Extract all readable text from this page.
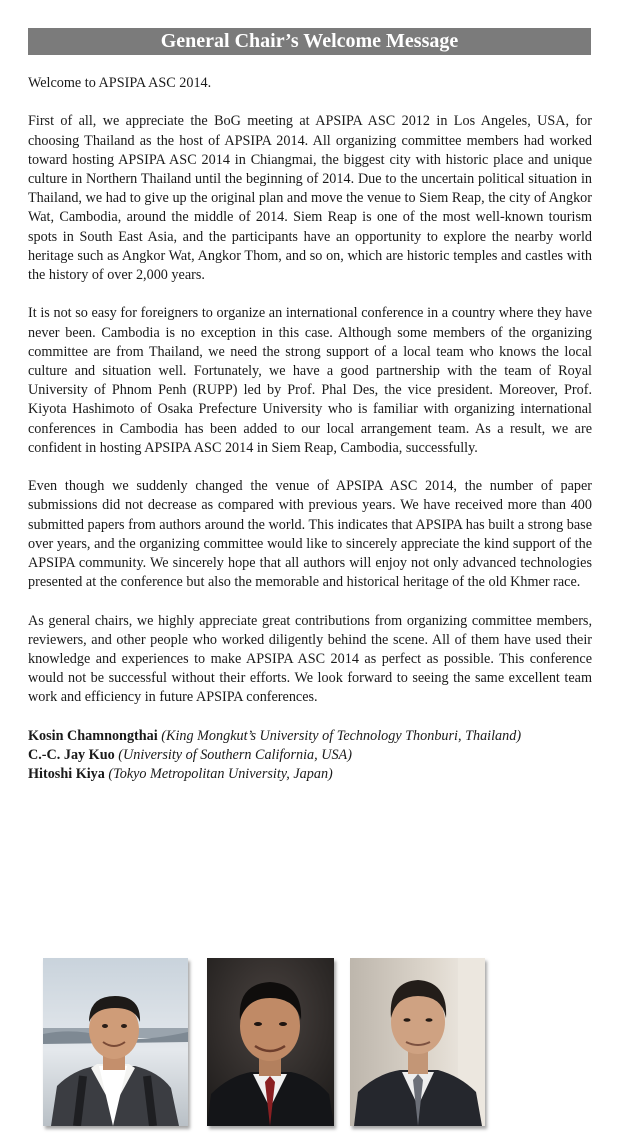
General Chair’s Welcome Message

Welcome to APSIPA ASC 2014.

First of all, we appreciate the BoG meeting at APSIPA ASC 2012 in Los Angeles, USA, for choosing Thailand as the host of APSIPA 2014. All organizing committee members had worked toward hosting APSIPA ASC 2014 in Chiangmai, the biggest city with historic place and unique culture in Northern Thailand until the beginning of 2014. Due to the uncertain political situation in Thailand, we had to give up the original plan and move the venue to Siem Reap, the city of Angkor Wat, Cambodia, around the middle of 2014. Siem Reap is one of the most well-known tourism spots in South East Asia, and the participants have an opportunity to explore the nearby world heritage such as Angkor Wat, Angkor Thom, and so on, which are historic temples and castles with the history of over 2,000 years.

It is not so easy for foreigners to organize an international conference in a country where they have never been. Cambodia is no exception in this case. Although some members of the organizing committee are from Thailand, we need the strong support of a local team who knows the local culture and situation well. Fortunately, we have a good partnership with the team of Royal University of Phnom Penh (RUPP) led by Prof. Phal Des, the vice president. Moreover, Prof. Kiyota Hashimoto of Osaka Prefecture University who is familiar with organizing international conferences in Cambodia has been added to our local arrangement team. As a result, we are confident in hosting APSIPA ASC 2014 in Siem Reap, Cambodia, successfully.

Even though we suddenly changed the venue of APSIPA ASC 2014, the number of paper submissions did not decrease as compared with previous years. We have received more than 400 submitted papers from authors around the world. This indicates that APSIPA has built a strong base over years, and the organizing committee would like to sincerely appreciate the kind support of the APSIPA community. We sincerely hope that all authors will enjoy not only advanced technologies presented at the conference but also the memorable and historical heritage of the old Khmer race.

As general chairs, we highly appreciate great contributions from organizing committee members, reviewers, and other people who worked diligently behind the scene. All of them have used their knowledge and experiences to make APSIPA ASC 2014 as perfect as possible. This conference would not be successful without their efforts. We look forward to seeing the same excellent team work and efficiency in future APSIPA conferences.

Kosin Chamnongthai (King Mongkut’s University of Technology Thonburi, Thailand)
C.-C. Jay Kuo (University of Southern California, USA)
Hitoshi Kiya (Tokyo Metropolitan University, Japan)
